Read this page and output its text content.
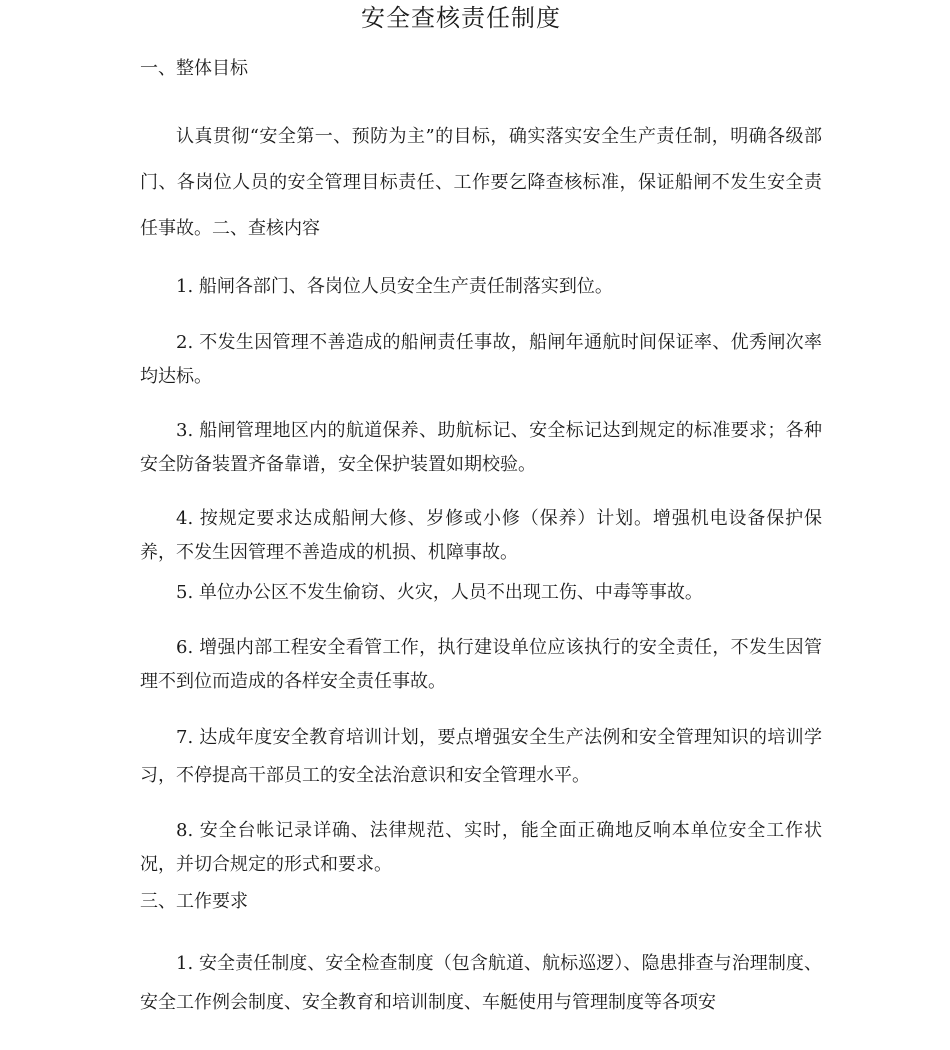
安全查核责任制度
一、整体目标
认真贯彻“安全第一、预防为主”的目标，确实落实安全生产责任制，明确各级部门、各岗位人员的安全管理目标责任、工作要乞降查核标准，保证船闸不发生安全责任事故。二、查核内容
1. 船闸各部门、各岗位人员安全生产责任制落实到位。
2. 不发生因管理不善造成的船闸责任事故，船闸年通航时间保证率、优秀闸次率均达标。
3. 船闸管理地区内的航道保养、助航标记、安全标记达到规定的标准要求；各种安全防备装置齐备靠谱，安全保护装置如期校验。
4. 按规定要求达成船闸大修、岁修或小修（保养）计划。增强机电设备保护保养，不发生因管理不善造成的机损、机障事故。
5. 单位办公区不发生偷窃、火灾，人员不出现工伤、中毒等事故。
6. 增强内部工程安全看管工作，执行建设单位应该执行的安全责任，不发生因管理不到位而造成的各样安全责任事故。
7. 达成年度安全教育培训计划，要点增强安全生产法例和安全管理知识的培训学习，不停提高干部员工的安全法治意识和安全管理水平。
8. 安全台帐记录详确、法律规范、实时，能全面正确地反响本单位安全工作状况，并切合规定的形式和要求。
三、工作要求
1. 安全责任制度、安全检查制度（包含航道、航标巡逻）、隐患排查与治理制度、安全工作例会制度、安全教育和培训制度、车艇使用与管理制度等各项安
